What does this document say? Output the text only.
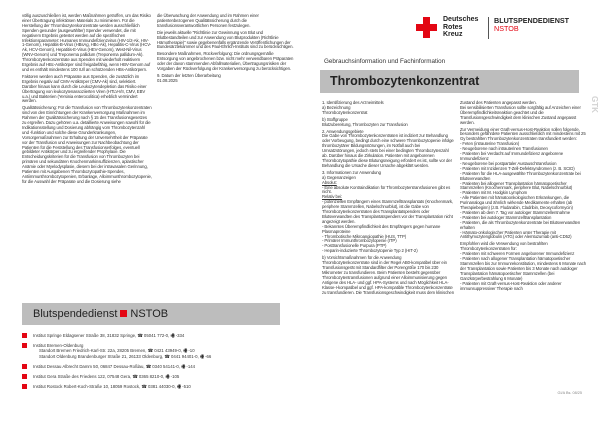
völlig auszuschließen ist, werden Maßnahmen getroffen, um das Risiko einer Übertragung infektiösen Materials zu minimieren. Für die Herstellung der Thrombozytenkonzentrate werden ausschließlich Spenden gesunder (ausgewählter) Spender verwendet, die mit negativem Ergebnis getestet werden auf die spezifischen Infektionsparameter: Humanes Immundefizienzvirus (HIV-1/2-Ak, HIV-1-Genom), Hepatitis-B-Virus (HBsAg, HBc-Ak), Hepatitis-C-Virus (HCV-Ak, HCV-Genom), Hepatitis-E-Virus (HEV-Genom), West-Nil-Virus (WNV-Genom) und Treponema pallidum (Treponema pallidum-Ak). Thrombozytenkonzentrate aus Spenden mit wiederholt reaktivem Ergebnis auf HBc-Antikörper sind freigabefähig, wenn HBV-Genom auf und es enthält mindestens 100 IU/l an schützenden HBs-Antikörpern.

Faktoren werden auch Präparate aus Spenden, die zusätzlich im Ergebnis negativ auf CMV-Antikörper (CMV-Ak) sind, selektiert. Darüber hinaus kann durch die Leukozytendepletion das Risiko einer Übertragung von leukozytenassoziierten Viren (HTLV-I/II, CMV, EBV u.a.) und Bakterien (Yersinia enterocolitica) erheblich vermindert werden.

Qualitätssicherung: Für die Transfusion von Thrombozytenkonzentraten sind von den Einrichtungen der Krankenversorgung Maßnahmen im Rahmen der Qualitätssicherung nach § 15 des Transfusionsgesetzes zu ergreifen. Dazu gehören u.a. detaillierte Anweisungen sowohl für die Indikationsstellung und Dosierung abhängig vom Thrombozytenzahl und -funktion und solche diese Grunderkrankungen, Vorsorgemaßnahmen zur Erhaltung der Unversehrtheit der Präparate vor der Transfusion und Anweisungen zur Nachbeobachtung der Patienten für die Feststellung des Transfusionserfolges, eventuell gebildeter Antikörper und zu ergreifender Prophylaxe. Die Entscheidungskriterien für die Transfusion von Thrombozyten bei primären und sekundären Knochenmarkinsuffizienzen, aplastischer Anämie oder Myelodysplasie, diesem bei der intravasalen Gerinnung, Patienten mit Ausgabenen Thrombozytopathie-Spendes, Antiimmunthrombozytopenien, Erbanlage, Alloimmunthrombozytopenie, für die Auswahl der Präparate und die Dosierung siehe

die Überwachung der Anwendung und im Rahmen einer patientenbezogenen Qualitätssicherung durch die transfusionsverantwortlichen Personen festzulegen.

Die jeweils aktuelle "Richtlinie zur Gewinnung von Blut und Blutbestandteilen und zur Anwendung von Blutprodukten (Richtlinie Hämotherapie)" sowie gegebenenfalls ergänzende Veröffentlichungen der Bundesärztekammer und des Paul-Ehrlich-Instituts sind zu berücksichtigen.

Besondere Maßnahmen, Rückverfolgung: Die ordnungsgemäße Entsorgung von angebrochenen bzw. nicht mehr verwendbaren Präparaten oder der davon stammenden Abfallmaterialien, Übertragungsrisiken der Vorgaben der Rückverfolgung der Krankenversorgung zu berücksichtigen.

9. Datum der letzten Überarbeitung

01.08.2025

Deutsches
Rotes
Kreuz
BLUTSPENDEDIENST
NSTOB
Gebrauchsinformation und Fachinformation
Thrombozytenkonzentrat
GTK
1. Identifizierung des Arzneimittels
a) Bezeichnung

Thrombozytenkonzentrat

b) Stoffgruppe

Blutzubereitung, Thrombozyten zur Transfusion

2. Anwendungsgebiete

Die Gabe von Thrombozytenkonzentraten ist indiziert zur Behandlung oder Vorbeugung, bedingt durch eine schwere Thrombozytopenie infolge thrombozytärer Bildungsstörungen, im Notfall auch bei Umsatzstörungen, jedoch stets bei einer bedingten Thrombozytenzahl ab. Darüber hinaus die Zirkulation. Patienten mit angeborenen Thrombozytopathie diese Blutungsneigung erfordert es ist, sollte vor der Behandlung die Ursache dieser Ursache abgeklärt werden.

3. Informationen zur Anwendung
a) Gegenanzeigen
Absolut:
- Eine absolute Kontraindikation für Thrombozytentransfusionen gibt es nicht.
Relativ bei:
- potenziellen Empfängern eines Stammzelltransplantats (Knochenmark, periphere Stammzellen, Nabelschnurblut), ist die Gabe von Thrombozytenkonzentraten des Transplantatspenders oder Blutsverwandten des Transplantatspenders vor der Transplantation nicht angezeigt werden.
- Bekanntes Überempfindlichkeit des Empfängers gegen humane Plasmaproteine
- Thrombotische Mikroangiopathie (HUS, TTP)
- Primärer Immunthrombozytopenie (ITP)
- Posttransfusionelle Purpura (PTP)

- Heparin-induzierte Thrombozytopenie Typ 2 (HIT-2)

b) Vorsichtsmaßnahmen für die Anwendung

Thrombozytenkonzentrate sind in der Regel AB0-kompatibel über ein Transfusionsgerät mit Standardfilter der Porengröße 170 bis 230 Mikrometer zu transfundieren. Beim Patienten besteht gegenüber Thrombozytentransfusionen aufgrund einer Alloimmunisierung gegen Antigene des HLA- und ggf. HPA-Systems und nach Möglichkeit HLA-Klasse-I-kompatibel und ggf. HPA-kompatible Thrombozytenkonzentrate zu transfundieren. Die Transfusionsgeschwindigkeit muss dem klinischen

Zustand des Patienten angepasst werden.

Bei sensibilisierten Transfusion sollte sorgfältig auf Anzeichen einer Überempfindlichkeitsreaktion geachtet und die Transfusionsgeschwindigkeit dem klinischen Zustand angepasst werden.

Zur Vermeidung einer Graft-versus-Host-Reaktion sollen folgende, besonders gefährdete Patienten ausschließlich mit mindestens mit 25 Gy bestrahlten Thrombozytenkonzentraten transfundiert werden:
- Feten (intrauterine Transfusion)
- Neugeborene nach intrauterinen Transfusionen
- Patienten bei Verdacht auf Immundefizienz angeborene Immundefizienz
- Neugeborene bei postpartaler Austauschtransfusion
- Patienten mit Inzidenzen T-Zell-Defektsyndromen (z. B. SCID)
- Patienten für die HLA-ausgewählte Thrombozytenkonzentrate bei Blutsverwandten
- Patienten bei allogener Transplantation hämatopoetischer Stammzellen (Knochenmark, periphere Blut, Nabelschnurblut)
- Patienten mit M. Hodgkin Lymphom
- Alle Patienten mit hämatoonkologischen Erkrankungen, die Purinanaloga und ähnlich wirkende Medikamente erhalten (ab Therapiebeginn) (z.B. Fludarabin, Cladribin, Deoxycoformycin)
- Patienten ab dem 7. Tag vor autologer Stammzellentnahme
- Patienten bei autologer Stammzelltransplantation
- Patienten, die als Thrombozytenkonzentrate bei Blutsverwandten erhalten

- Hämato-onkologischer Patienten unter Therapie mit Antithymozytenglobulin (ATG) oder Alemtuzumab (anti-CD52)

Empfohlen wird die Verwendung von bestrahlten Thrombozytenkonzentraten für:
- Patienten mit schweren Formen angeborener Immundefizienz
- Patienten nach allogener Transplantation hämatopoetischer Stammzellen bis zur Immunrekonstitution, mindestens 6 Monate nach der Transplantation sowie Patienten bis 3 Monate nach autologer Transplantation hämatopoetischer Stammzellen (bei Ganzkörperbestrahlung 6 Monate)
- Patienten mit Graft-versus-Host-Reaktion oder anderer immunsuppressiver Therapie nach
Blutspendedienst NSTOB
Institut Springe Eldagsener Straße 38, 31832 Springe, ☎ 05041 772-0, 🖷 -334
Institut Bremen-Oldenburg
Standort Bremen Friedrich-Karl-Str. 22a, 28205 Bremen, ☎ 0421 43949-0, 🖷 -10
Standort Oldenburg Brandenburger Straße 21, 26133 Oldenburg, ☎ 0441 94401-0, 🖷 -66
Institut Dessau Albrecht Damm 50, 06847 Dessau-Roßlau, ☎ 0340 54141-0, 🖷 -144
Institut Gera Straße des Friedens 122, 07548 Gera, ☎ 0365 8210-0, 🖷 -105
Institut Rostock Robert-Koch-Straße 10, 18059 Rostock, ☎ 0381 44030-0, 🖷 -510
GI/A Bs. 08/25
